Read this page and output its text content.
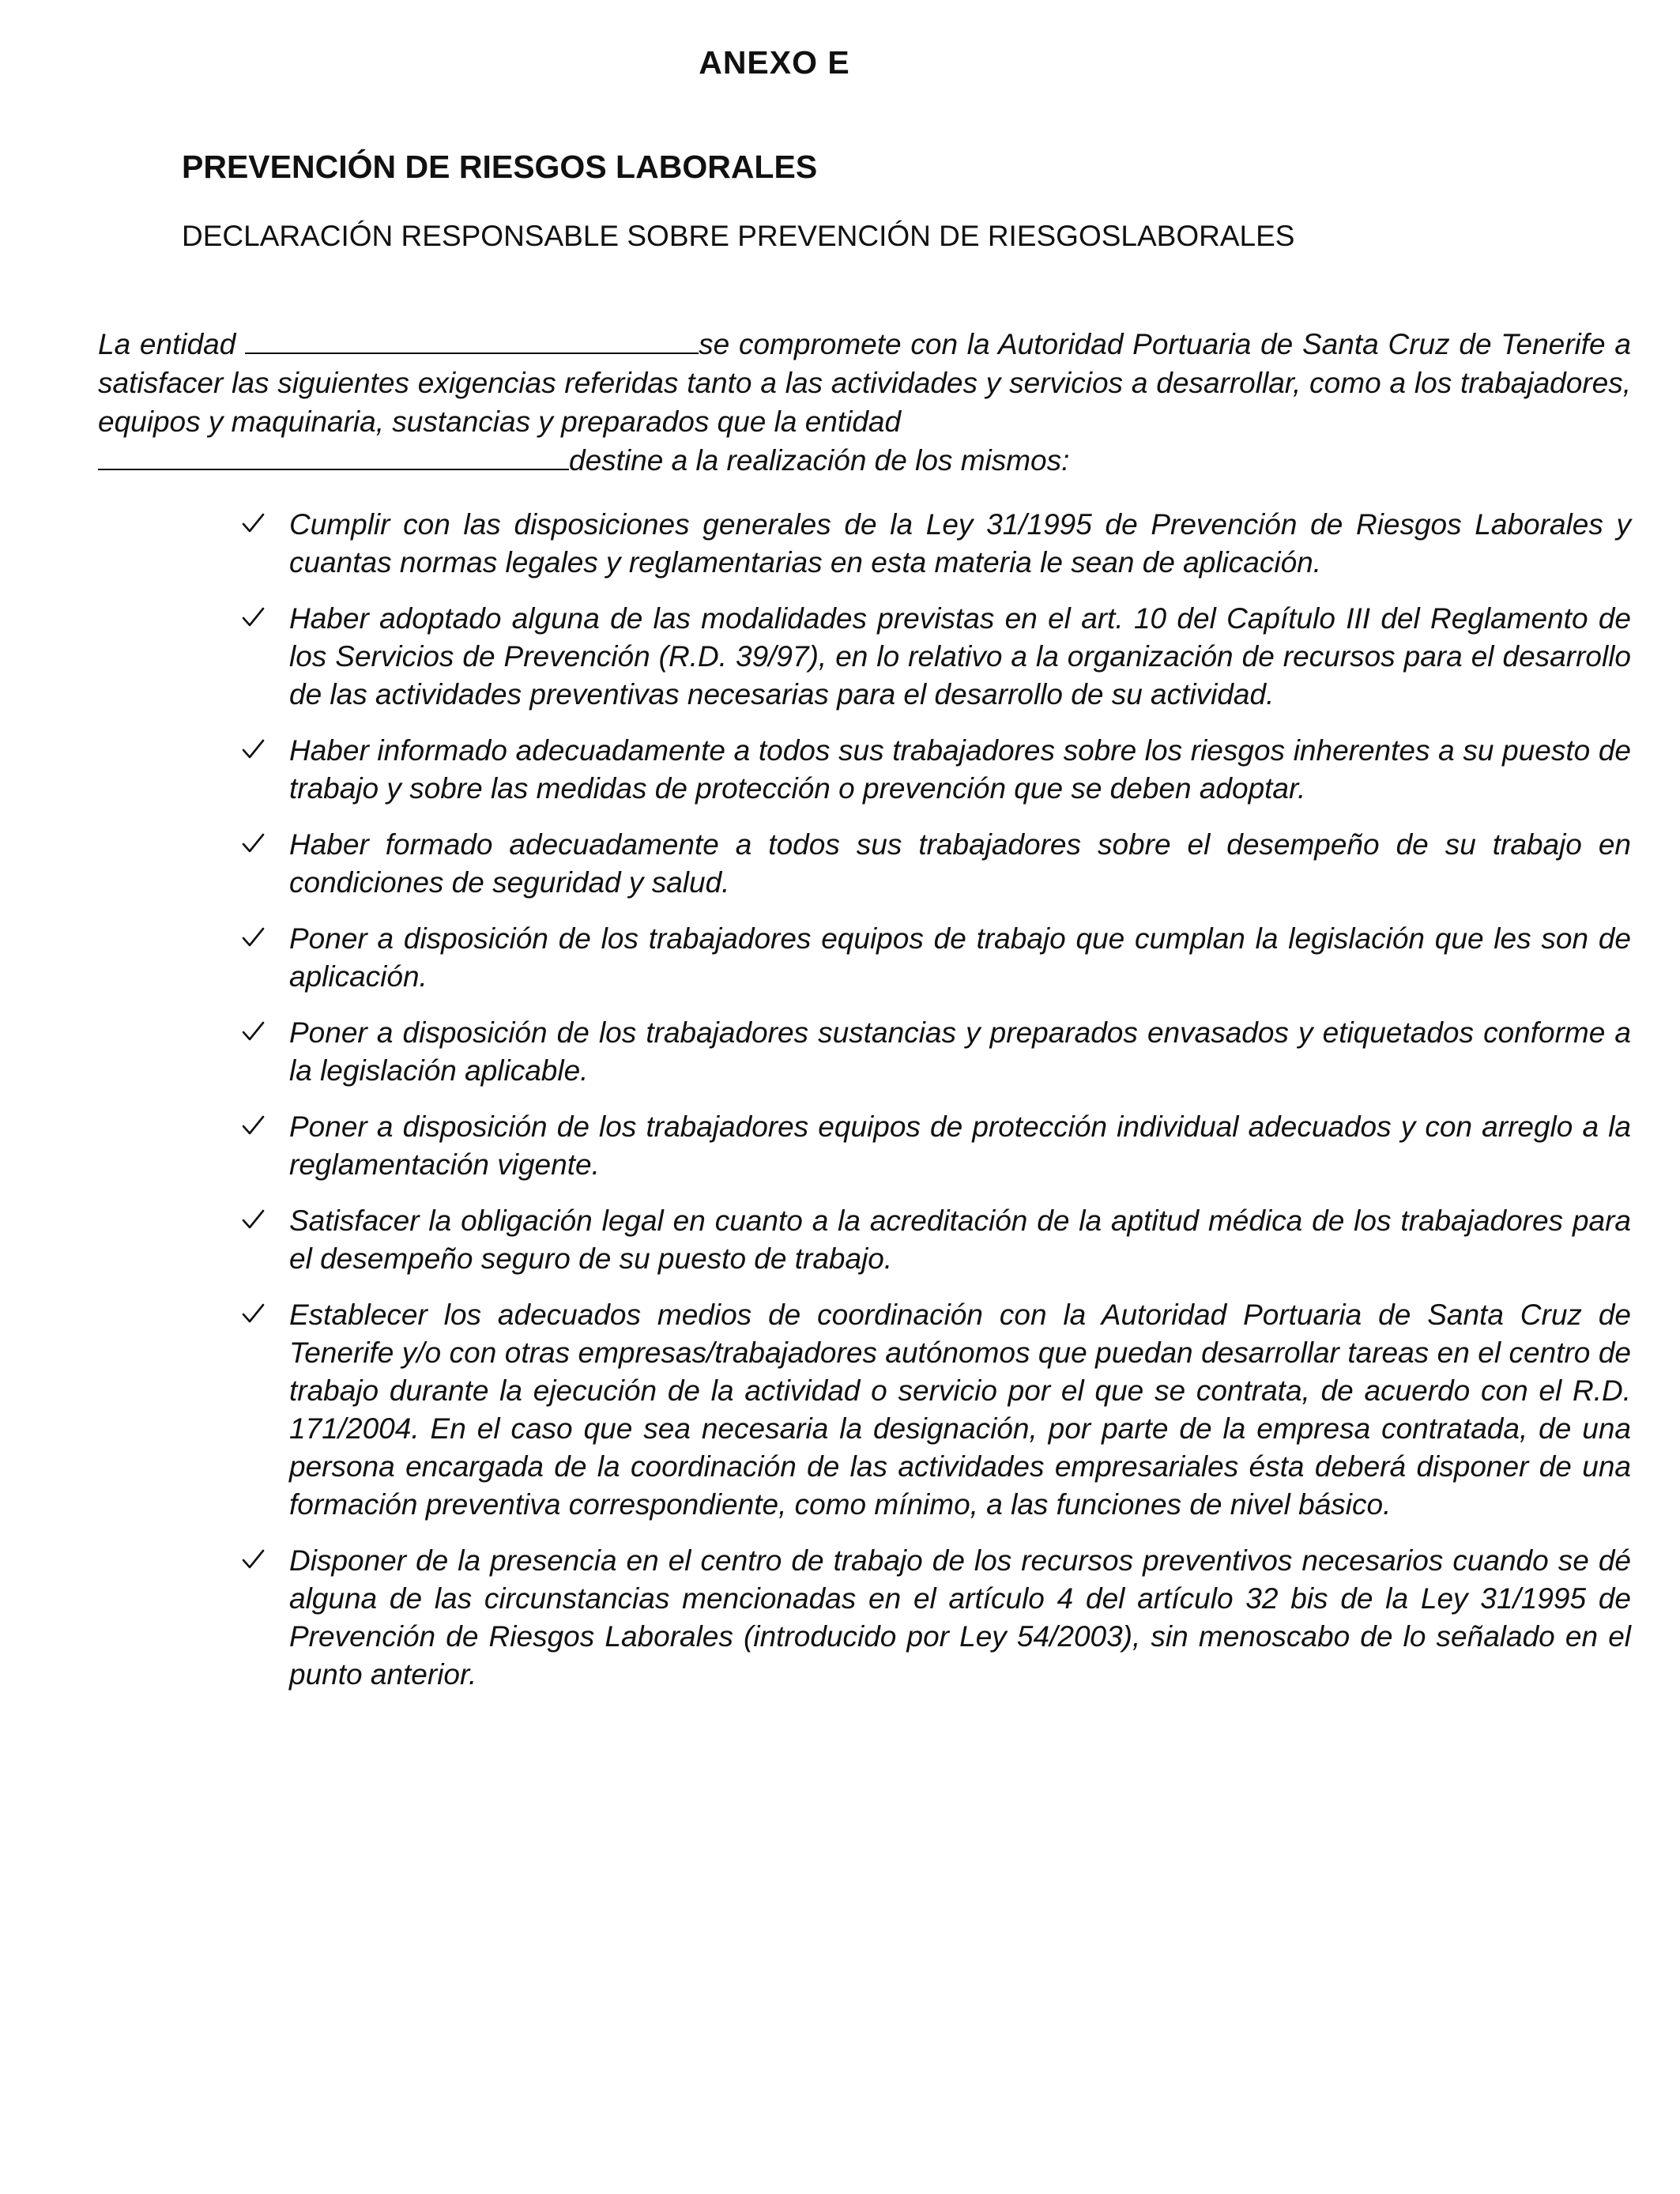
ANEXO E
PREVENCIÓN DE RIESGOS LABORALES
DECLARACIÓN RESPONSABLE SOBRE PREVENCIÓN DE RIESGOSLABORALES

La entidad	se compromete con la Autoridad Portuaria de Santa Cruz de Tenerife a satisfacer las siguientes exigencias referidas tanto a las actividades y servicios a desarrollar, como a los trabajadores, equipos y maquinaria, sustancias y preparados que la entidad
destine a la realización de los mismos:

Cumplir con las disposiciones generales de la Ley 31/1995 de Prevención de Riesgos Laborales y cuantas normas legales y reglamentarias en esta materia le sean de aplicación.
Haber adoptado alguna de las modalidades previstas en el art. 10 del Capítulo III del Reglamento de los Servicios de Prevención (R.D. 39/97), en lo relativo a la organización de recursos para el desarrollo de las actividades preventivas necesarias para el desarrollo de su actividad.
Haber informado adecuadamente a todos sus trabajadores sobre los riesgos inherentes a su puesto de trabajo y sobre las medidas de protección o prevención que se deben adoptar.
Haber formado adecuadamente a todos sus trabajadores sobre el desempeño de su trabajo en condiciones de seguridad y salud.
Poner a disposición de los trabajadores equipos de trabajo que cumplan la legislación que les son de aplicación.
Poner a disposición de los trabajadores sustancias y preparados envasados y etiquetados conforme a la legislación aplicable.
Poner a disposición de los trabajadores equipos de protección individual adecuados y con arreglo a la reglamentación vigente.
Satisfacer la obligación legal en cuanto a la acreditación de la aptitud médica de los trabajadores para el desempeño seguro de su puesto de trabajo.
Establecer los adecuados medios de coordinación con la Autoridad Portuaria de Santa Cruz de Tenerife y/o con otras empresas/trabajadores autónomos que puedan desarrollar tareas en el centro de trabajo durante la ejecución de la actividad o servicio por el que se contrata, de acuerdo con el R.D. 171/2004. En el caso que sea necesaria la designación, por parte de la empresa contratada, de una persona encargada de la coordinación de las actividades empresariales ésta deberá disponer de una formación preventiva correspondiente, como mínimo, a las funciones de nivel básico.
Disponer de la presencia en el centro de trabajo de los recursos preventivos necesarios cuando se dé alguna de las circunstancias mencionadas en el artículo 4 del artículo 32 bis de la Ley 31/1995 de Prevención de Riesgos Laborales (introducido por Ley 54/2003), sin menoscabo de lo señalado en el punto anterior.
